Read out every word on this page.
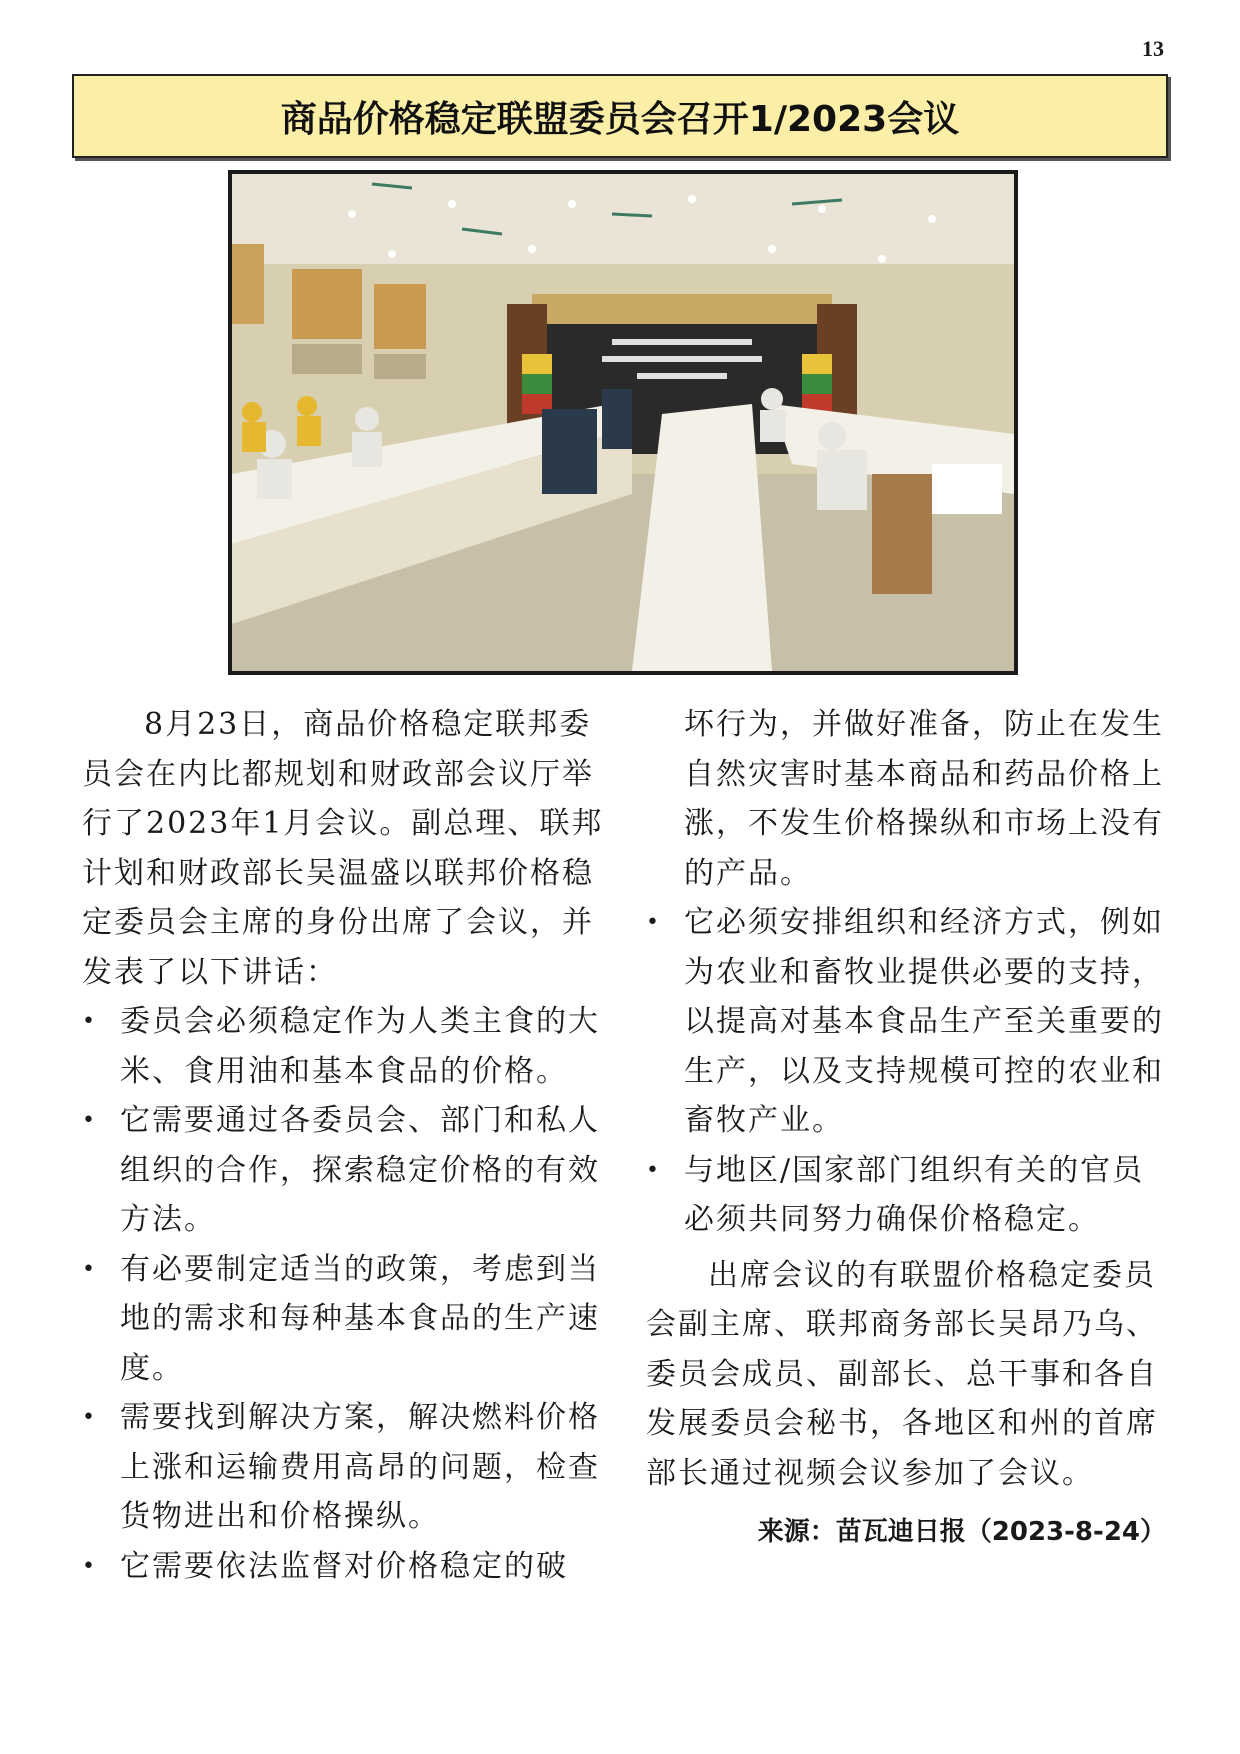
13
商品价格稳定联盟委员会召开1/2023会议

8月23日，商品价格稳定联邦委员会在内比都规划和财政部会议厅举行了2023年1月会议。副总理、联邦计划和财政部长吴温盛以联邦价格稳定委员会主席的身份出席了会议，并发表了以下讲话：

• 委员会必须稳定作为人类主食的大米、食用油和基本食品的价格。
• 它需要通过各委员会、部门和私人组织的合作，探索稳定价格的有效方法。
• 有必要制定适当的政策，考虑到当地的需求和每种基本食品的生产速度。
• 需要找到解决方案，解决燃料价格上涨和运输费用高昂的问题，检查货物进出和价格操纵。
• 它需要依法监督对价格稳定的破

坏行为，并做好准备，防止在发生自然灾害时基本商品和药品价格上涨，不发生价格操纵和市场上没有的产品。

• 它必须安排组织和经济方式，例如为农业和畜牧业提供必要的支持，以提高对基本食品生产至关重要的生产，以及支持规模可控的农业和畜牧产业。
• 与地区/国家部门组织有关的官员必须共同努力确保价格稳定。

出席会议的有联盟价格稳定委员会副主席、联邦商务部长吴昂乃乌、委员会成员、副部长、总干事和各自发展委员会秘书，各地区和州的首席部长通过视频会议参加了会议。

来源：苗瓦迪日报（2023-8-24）
